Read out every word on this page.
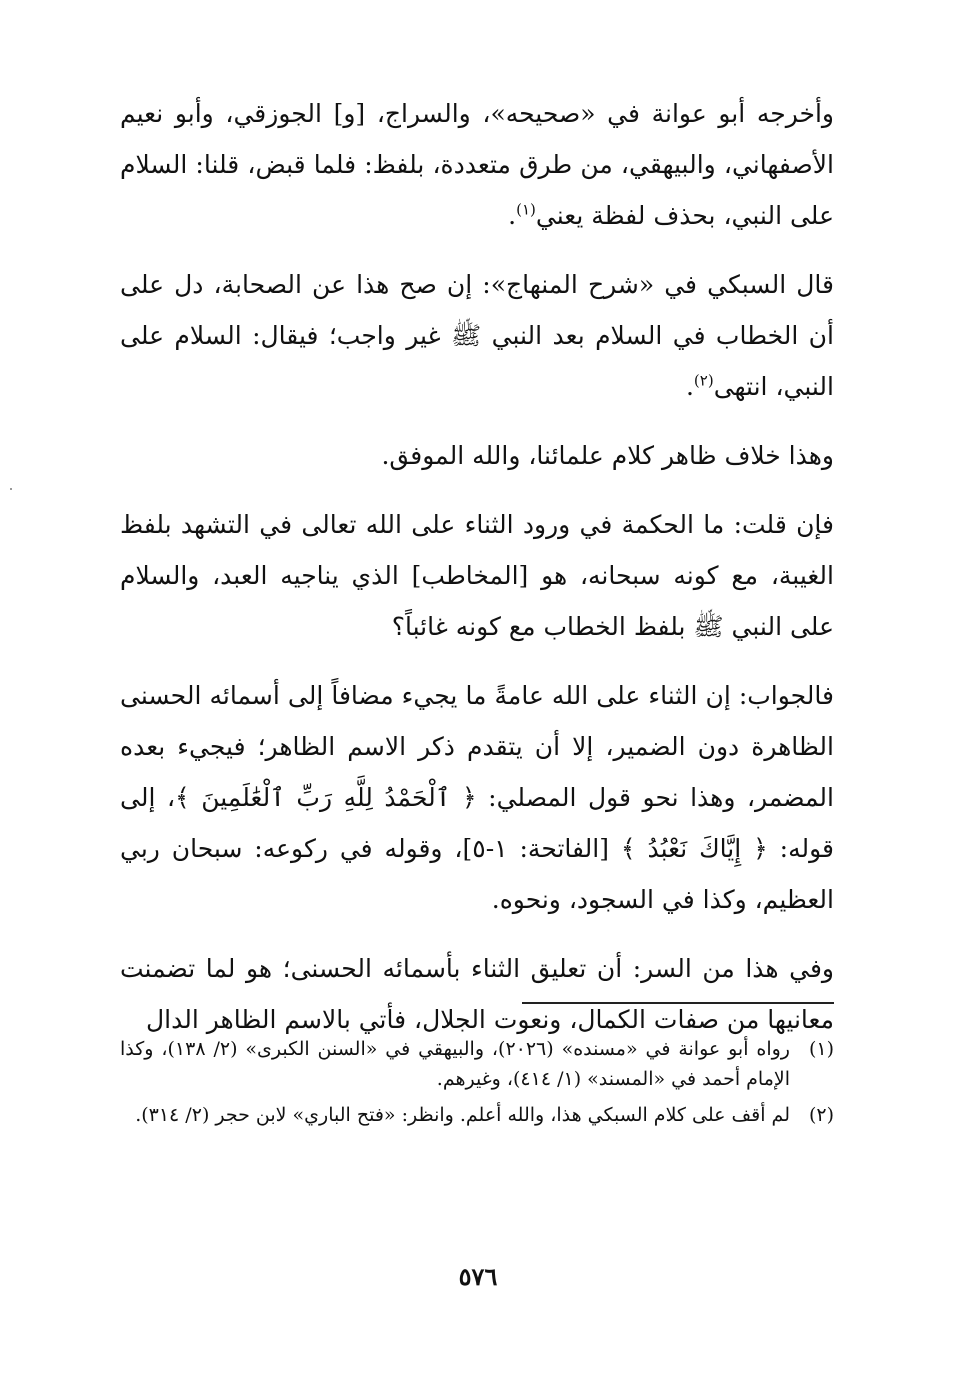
وأخرجه أبو عوانة في «صحيحه»، والسراج، [و] الجوزقي، وأبو نعيم الأصفهاني، والبيهقي، من طرق متعددة، بلفظ: فلما قبض، قلنا: السلام على النبي، بحذف لفظة يعني$^{(١)}$.
قال السبكي في «شرح المنهاج»: إن صح هذا عن الصحابة، دل على أن الخطاب في السلام بعد النبي ﷺ غير واجب؛ فيقال: السلام على النبي، انتهى$^{(٢)}$.
وهذا خلاف ظاهر كلام علمائنا، والله الموفق.
فإن قلت: ما الحكمة في ورود الثناء على الله تعالى في التشهد بلفظ الغيبة، مع كونه سبحانه، هو [المخاطب] الذي يناجيه العبد، والسلام على النبي ﷺ بلفظ الخطاب مع كونه غائباً؟
فالجواب: إن الثناء على الله عامةً ما يجيء مضافاً إلى أسمائه الحسنى الظاهرة دون الضمير، إلا أن يتقدم ذكر الاسم الظاهر؛ فيجيء بعده المضمر، وهذا نحو قول المصلي: ﴿ ٱلْحَمْدُ لِلَّهِ رَبِّ ٱلْعَٰلَمِينَ ﴾، إلى قوله: ﴿ إِيَّاكَ نَعْبُدُ ﴾ [الفاتحة: ١-٥]، وقوله في ركوعه: سبحان ربي العظيم، وكذا في السجود، ونحوه.
وفي هذا من السر: أن تعليق الثناء بأسمائه الحسنى؛ هو لما تضمنت معانيها من صفات الكمال، ونعوت الجلال، فأتي بالاسم الظاهر الدال
(١)
رواه أبو عوانة في «مسنده» (٢٠٢٦)، والبيهقي في «السنن الكبرى» (٢/ ١٣٨)، وكذا الإمام أحمد في «المسند» (١/ ٤١٤)، وغيرهم.
(٢)
لم أقف على كلام السبكي هذا، والله أعلم. وانظر: «فتح الباري» لابن حجر (٢/ ٣١٤).
٥٧٦
